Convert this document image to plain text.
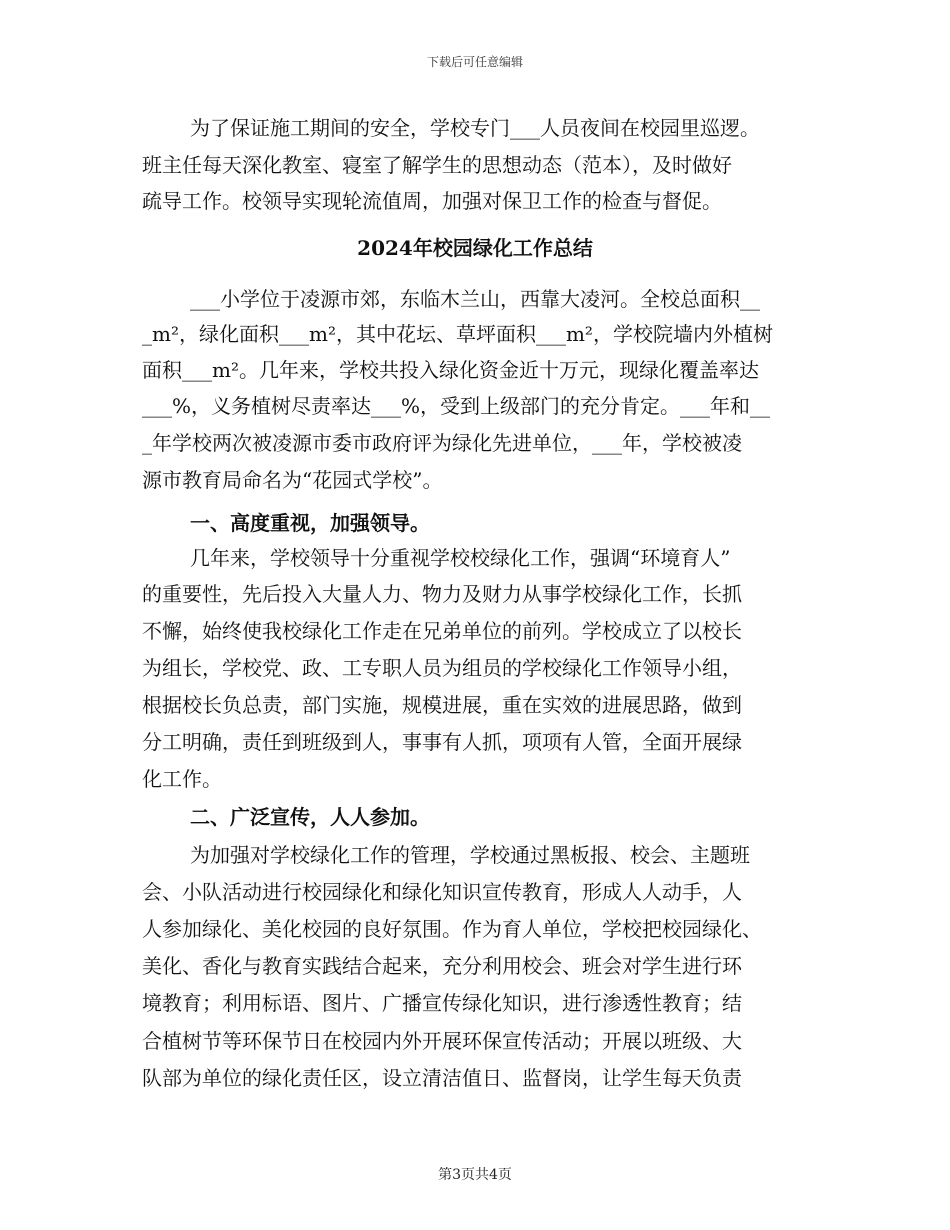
下载后可任意编辑
为了保证施工期间的安全，学校专门___人员夜间在校园里巡逻。
班主任每天深化教室、寝室了解学生的思想动态（范本），及时做好
疏导工作。校领导实现轮流值周，加强对保卫工作的检查与督促。
2024年校园绿化工作总结
___小学位于凌源市郊，东临木兰山，西靠大凌河。全校总面积__
_m²，绿化面积___m²，其中花坛、草坪面积___m²，学校院墙内外植树
面积___m²。几年来，学校共投入绿化资金近十万元，现绿化覆盖率达
___%，义务植树尽责率达___%，受到上级部门的充分肯定。___年和__
_年学校两次被凌源市委市政府评为绿化先进单位，___年，学校被凌
源市教育局命名为“花园式学校”。
一、高度重视，加强领导。
几年来，学校领导十分重视学校校绿化工作，强调“环境育人”
的重要性，先后投入大量人力、物力及财力从事学校绿化工作，长抓
不懈，始终使我校绿化工作走在兄弟单位的前列。学校成立了以校长
为组长，学校党、政、工专职人员为组员的学校绿化工作领导小组，
根据校长负总责，部门实施，规模进展，重在实效的进展思路，做到
分工明确，责任到班级到人，事事有人抓，项项有人管，全面开展绿
化工作。
二、广泛宣传，人人参加。
为加强对学校绿化工作的管理，学校通过黑板报、校会、主题班
会、小队活动进行校园绿化和绿化知识宣传教育，形成人人动手，人
人参加绿化、美化校园的良好氛围。作为育人单位，学校把校园绿化、
美化、香化与教育实践结合起来，充分利用校会、班会对学生进行环
境教育；利用标语、图片、广播宣传绿化知识，进行渗透性教育；结
合植树节等环保节日在校园内外开展环保宣传活动；开展以班级、大
队部为单位的绿化责任区，设立清洁值日、监督岗，让学生每天负责
第3页共4页
